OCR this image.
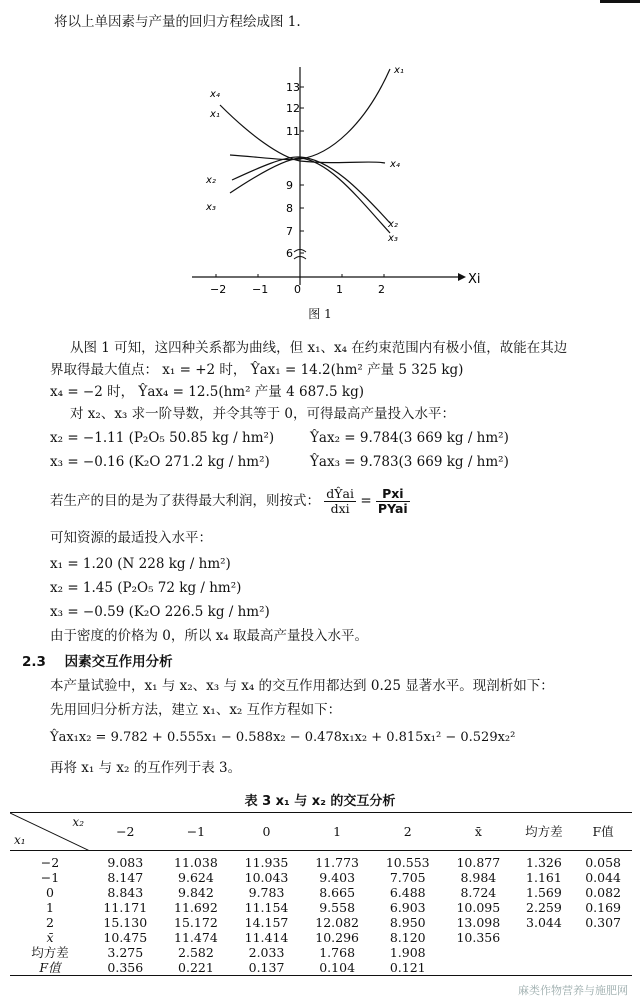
将以上单因素与产量的回归方程绘成图 1.
−2 −1 0	1	2
13
12
11
9
8
7
6
x₄
x₁
x₂
x₃
x₁
x₄
x₂
x₃
Xi
图 1
从图 1 可知，这四种关系都为曲线，但 x₁、x₄ 在约束范围内有极小值，故能在其边
界取得最大值点： x₁ = +2 时， Ŷax₁ = 14.2(hm² 产量 5 325 kg)
x₄ = −2 时， Ŷax₄ = 12.5(hm² 产量 4 687.5 kg)
对 x₂、x₃ 求一阶导数，并令其等于 0，可得最高产量投入水平：
x₂ = −1.11 (P₂O₅ 50.85 kg / hm²)	Ŷax₂ = 9.784(3 669 kg / hm²)
x₃ = −0.16 (K₂O 271.2 kg / hm²)	Ŷax₃ = 9.783(3 669 kg / hm²)
若生产的目的是为了获得最大利润，则按式： $\frac{\text{dŶai}}{\text{dxi}} = \frac{\text{Pxi}}{\text{PYai}}$
可知资源的最适投入水平：
x₁ = 1.20 (N 228 kg / hm²)
x₂ = 1.45 (P₂O₅ 72 kg / hm²)
x₃ = −0.59 (K₂O 226.5 kg / hm²)
由于密度的价格为 0，所以 x₄ 取最高产量投入水平。
2.3 因素交互作用分析
本产量试验中，x₁ 与 x₂、x₃ 与 x₄ 的交互作用都达到 0.25 显著水平。现剖析如下：
先用回归分析方法，建立 x₁、x₂ 互作方程如下：
Ŷax₁x₂ = 9.782 + 0.555x₁ − 0.588x₂ − 0.478x₁x₂ + 0.815x₁² − 0.529x₂²
再将 x₁ 与 x₂ 的互作列于表 3。
表 3 x₁ 与 x₂ 的交互分析
x₂
x₁	−2	−1	0	1	2	x̄	均方差	F值
−2	9.083	11.038	11.935	11.773	10.553	10.877	1.326	0.058
−1	8.147	9.624	10.043	9.403	7.705	8.984	1.161	0.044
0	8.843	9.842	9.783	8.665	6.488	8.724	1.569	0.082
1	11.171	11.692	11.154	9.558	6.903	10.095	2.259	0.169
2	15.130	15.172	14.157	12.082	8.950	13.098	3.044	0.307
x̄	10.475	11.474	11.414	10.296	8.120	10.356		
均方差	3.275	2.582	2.033	1.768	1.908			
F值	0.356	0.221	0.137	0.104	0.121			
麻类作物营养与施肥网
